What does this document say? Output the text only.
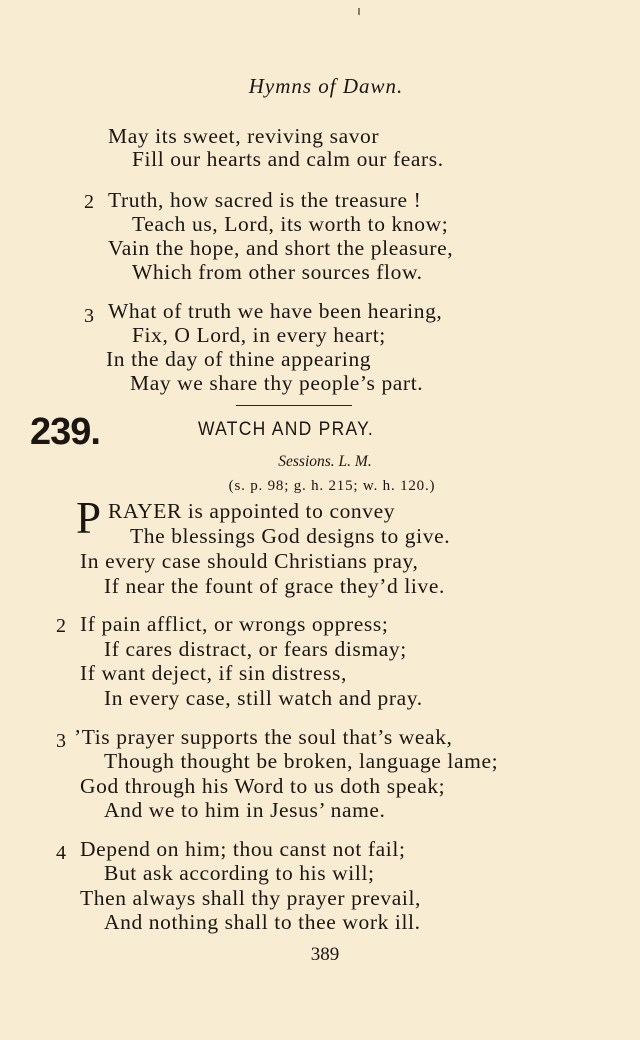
Hymns of Dawn.
May its sweet, reviving savor
Fill our hearts and calm our fears.
2 Truth, how sacred is the treasure !
Teach us, Lord, its worth to know;
Vain the hope, and short the pleasure,
Which from other sources flow.
3 What of truth we have been hearing,
Fix, O Lord, in every heart;
In the day of thine appearing
May we share thy people’s part.
239.	WATCH AND PRAY.
Sessions. L. M.
(s. p. 98; g. h. 215; w. h. 120.)
P RAYER is appointed to convey
The blessings God designs to give.
In every case should Christians pray,
If near the fount of grace they’d live.
2 If pain afflict, or wrongs oppress;
If cares distract, or fears dismay;
If want deject, if sin distress,
In every case, still watch and pray.
3 ’Tis prayer supports the soul that’s weak,
Though thought be broken, language lame;
God through his Word to us doth speak;
And we to him in Jesus’ name.
4 Depend on him; thou canst not fail;
But ask according to his will;
Then always shall thy prayer prevail,
And nothing shall to thee work ill.
389
